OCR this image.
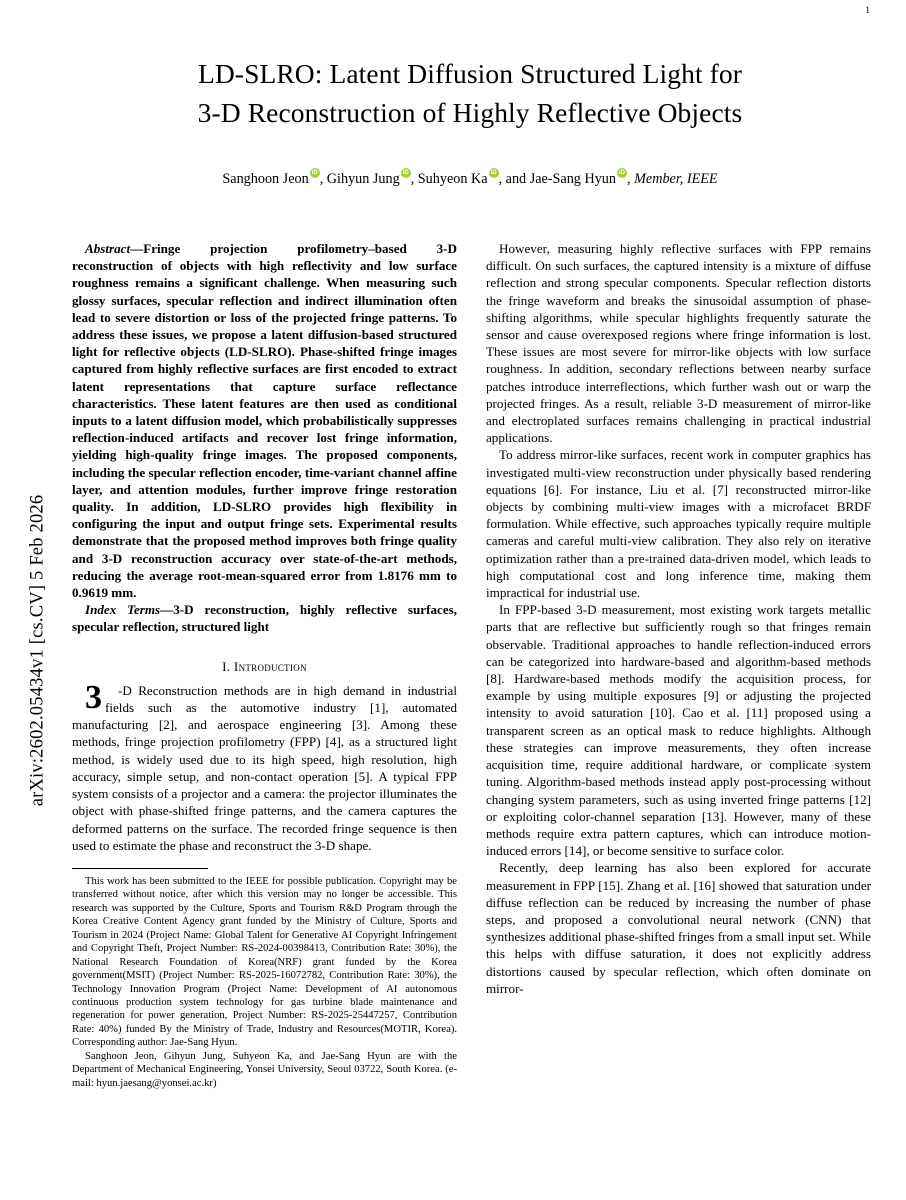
1
arXiv:2602.05434v1 [cs.CV] 5 Feb 2026
LD-SLRO: Latent Diffusion Structured Light for
3-D Reconstruction of Highly Reflective Objects
Sanghoon Jeon iD , Gihyun Jung iD , Suhyeon Ka iD , and Jae-Sang Hyun iD , Member, IEEE

Abstract—Fringe projection profilometry–based 3-D reconstruction of objects with high reflectivity and low surface roughness remains a significant challenge. When measuring such glossy surfaces, specular reflection and indirect illumination often lead to severe distortion or loss of the projected fringe patterns. To address these issues, we propose a latent diffusion-based structured light for reflective objects (LD-SLRO). Phase-shifted fringe images captured from highly reflective surfaces are first encoded to extract latent representations that capture surface reflectance characteristics. These latent features are then used as conditional inputs to a latent diffusion model, which probabilistically suppresses reflection-induced artifacts and recover lost fringe information, yielding high-quality fringe images. The proposed components, including the specular reflection encoder, time-variant channel affine layer, and attention modules, further improve fringe restoration quality. In addition, LD-SLRO provides high flexibility in configuring the input and output fringe sets. Experimental results demonstrate that the proposed method improves both fringe quality and 3-D reconstruction accuracy over state-of-the-art methods, reducing the average root-mean-squared error from 1.8176 mm to 0.9619 mm.

Index Terms—3-D reconstruction, highly reflective surfaces, specular reflection, structured light

I. Introduction

3 -D Reconstruction methods are in high demand in industrial fields such as the automotive industry [1], automated manufacturing [2], and aerospace engineering [3]. Among these methods, fringe projection profilometry (FPP) [4], as a structured light method, is widely used due to its high speed, high resolution, high accuracy, simple setup, and non-contact operation [5]. A typical FPP system consists of a projector and a camera: the projector illuminates the object with phase-shifted fringe patterns, and the camera captures the deformed patterns on the surface. The recorded fringe sequence is then used to estimate the phase and reconstruct the 3-D shape.

This work has been submitted to the IEEE for possible publication. Copyright may be transferred without notice, after which this version may no longer be accessible. This research was supported by the Culture, Sports and Tourism R&D Program through the Korea Creative Content Agency grant funded by the Ministry of Culture, Sports and Tourism in 2024 (Project Name: Global Talent for Generative AI Copyright Infringement and Copyright Theft, Project Number: RS-2024-00398413, Contribution Rate: 30%), the National Research Foundation of Korea(NRF) grant funded by the Korea government(MSIT) (Project Number: RS-2025-16072782, Contribution Rate: 30%), the Technology Innovation Program (Project Name: Development of AI autonomous continuous production system technology for gas turbine blade maintenance and regeneration for power generation, Project Number: RS-2025-25447257, Contribution Rate: 40%) funded By the Ministry of Trade, Industry and Resources(MOTIR, Korea). Corresponding author: Jae-Sang Hyun.

Sanghoon Jeon, Gihyun Jung, Suhyeon Ka, and Jae-Sang Hyun are with the Department of Mechanical Engineering, Yonsei University, Seoul 03722, South Korea. (e-mail: hyun.jaesang@yonsei.ac.kr)

However, measuring highly reflective surfaces with FPP remains difficult. On such surfaces, the captured intensity is a mixture of diffuse reflection and strong specular components. Specular reflection distorts the fringe waveform and breaks the sinusoidal assumption of phase-shifting algorithms, while specular highlights frequently saturate the sensor and cause overexposed regions where fringe information is lost. These issues are most severe for mirror-like objects with low surface roughness. In addition, secondary reflections between nearby surface patches introduce interreflections, which further wash out or warp the projected fringes. As a result, reliable 3-D measurement of mirror-like and electroplated surfaces remains challenging in practical industrial applications.

To address mirror-like surfaces, recent work in computer graphics has investigated multi-view reconstruction under physically based rendering equations [6]. For instance, Liu et al. [7] reconstructed mirror-like objects by combining multi-view images with a microfacet BRDF formulation. While effective, such approaches typically require multiple cameras and careful multi-view calibration. They also rely on iterative optimization rather than a pre-trained data-driven model, which leads to high computational cost and long inference time, making them impractical for industrial use.

In FPP-based 3-D measurement, most existing work targets metallic parts that are reflective but sufficiently rough so that fringes remain observable. Traditional approaches to handle reflection-induced errors can be categorized into hardware-based and algorithm-based methods [8]. Hardware-based methods modify the acquisition process, for example by using multiple exposures [9] or adjusting the projected intensity to avoid saturation [10]. Cao et al. [11] proposed using a transparent screen as an optical mask to reduce highlights. Although these strategies can improve measurements, they often increase acquisition time, require additional hardware, or complicate system tuning. Algorithm-based methods instead apply post-processing without changing system parameters, such as using inverted fringe patterns [12] or exploiting color-channel separation [13]. However, many of these methods require extra pattern captures, which can introduce motion-induced errors [14], or become sensitive to surface color.

Recently, deep learning has also been explored for accurate measurement in FPP [15]. Zhang et al. [16] showed that saturation under diffuse reflection can be reduced by increasing the number of phase steps, and proposed a convolutional neural network (CNN) that synthesizes additional phase-shifted fringes from a small input set. While this helps with diffuse saturation, it does not explicitly address distortions caused by specular reflection, which often dominate on mirror-
